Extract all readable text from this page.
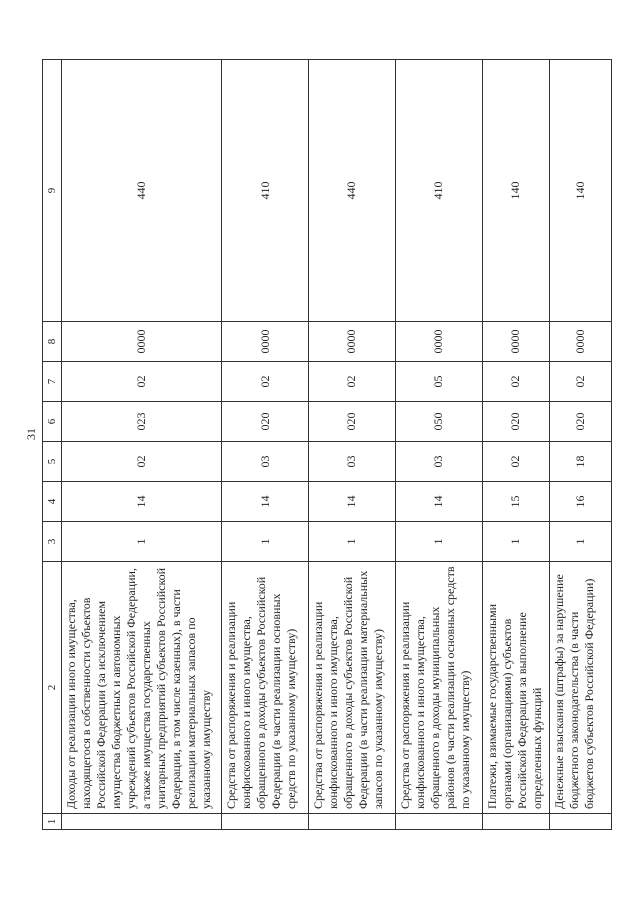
31
1	2	3	4	5	6	7	8	9
	Доходы от реализации иного имущества, находящегося в собственности субъектов Российской Федерации (за исключением имущества бюджетных и автономных учреждений субъектов Российской Федерации, а также имущества государственных унитарных предприятий субъектов Российской Федерации, в том числе казенных), в части реализации материальных запасов по указанному имуществу	1	14	02	023	02	0000	440
	Средства от распоряжения и реализации конфискованного и иного имущества, обращенного в доходы субъектов Российской Федерации (в части реализации основных средств по указанному имуществу)	1	14	03	020	02	0000	410
	Средства от распоряжения и реализации конфискованного и иного имущества, обращенного в доходы субъектов Российской Федерации (в части реализации материальных запасов по указанному имуществу)	1	14	03	020	02	0000	440
	Средства от распоряжения и реализации конфискованного и иного имущества, обращенного в доходы муниципальных районов (в части реализации основных средств по указанному имуществу)	1	14	03	050	05	0000	410
	Платежи, взимаемые государственными органами (организациями) субъектов Российской Федерации за выполнение определенных функций	1	15	02	020	02	0000	140
	Денежные взыскания (штрафы) за нарушение бюджетного законодательства (в части бюджетов субъектов Российской Федерации)	1	16	18	020	02	0000	140
